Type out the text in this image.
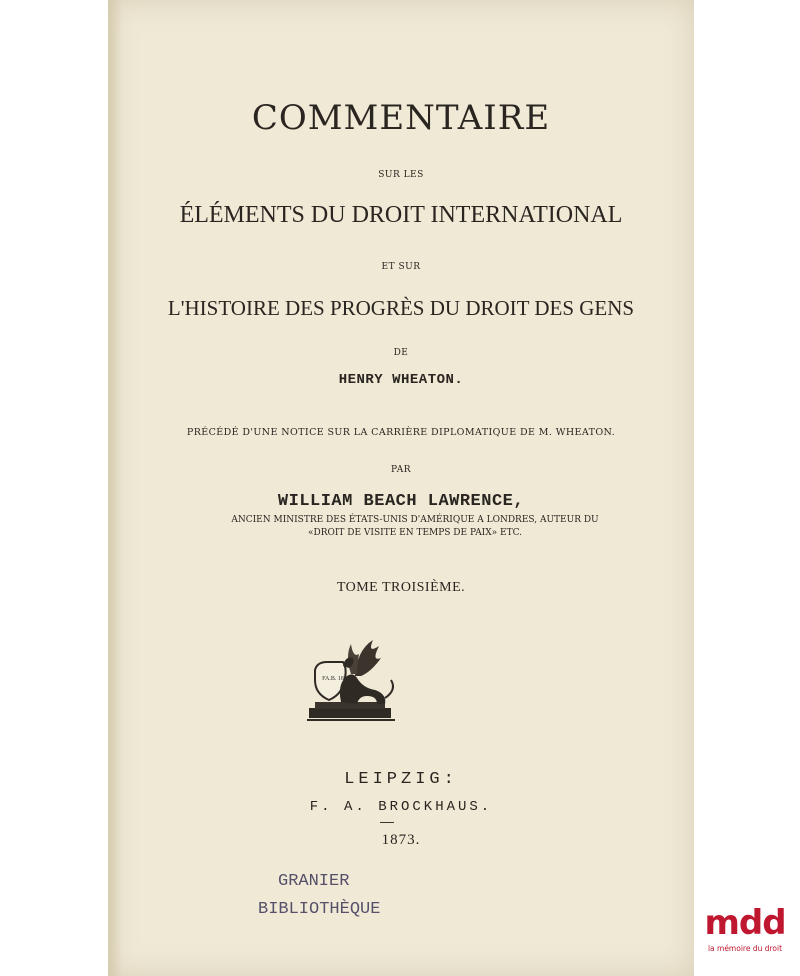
COMMENTAIRE
SUR LES
ÉLÉMENTS DU DROIT INTERNATIONAL
ET SUR
L'HISTOIRE DES PROGRÈS DU DROIT DES GENS
DE
HENRY WHEATON.
PRÉCÉDÉ D'UNE NOTICE SUR LA CARRIÈRE DIPLOMATIQUE DE M. WHEATON.
PAR
WILLIAM BEACH LAWRENCE,
ANCIEN MINISTRE DES ÉTATS-UNIS D'AMÉRIQUE A LONDRES, AUTEUR DU
«DROIT DE VISITE EN TEMPS DE PAIX» ETC.
TOME TROISIÈME.
FA.B. 1805
LEIPZIG:
F. A. BROCKHAUS.
1873.
GRANIER
BIBLIOTHÈQUE	mdd
la mémoire du droit
